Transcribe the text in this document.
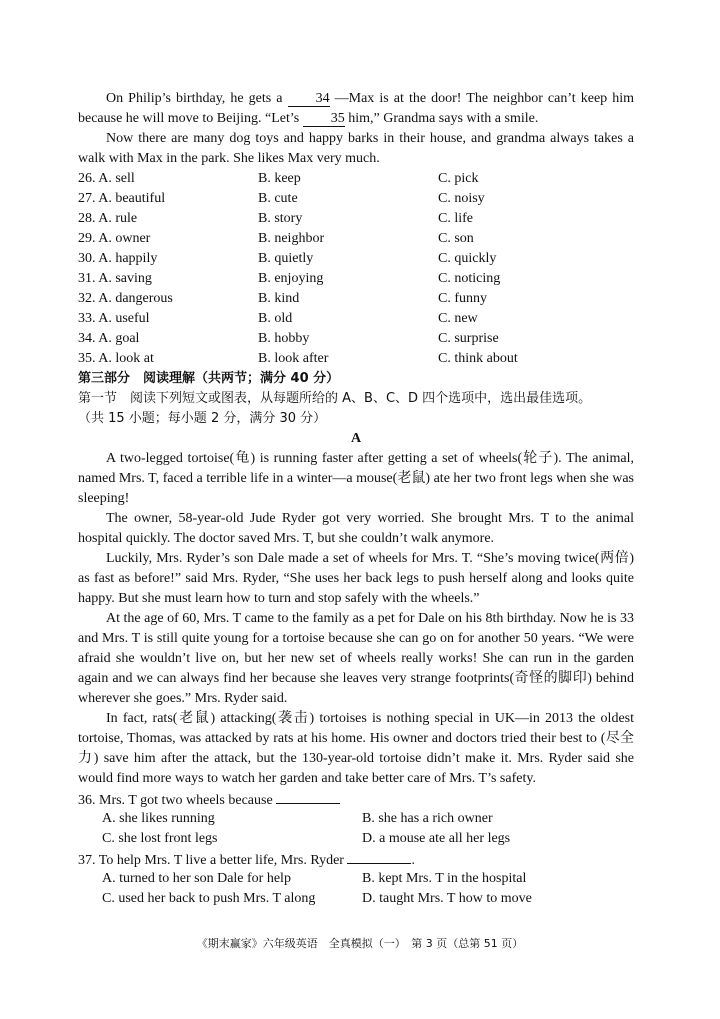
On Philip’s birthday, he gets a 34 —Max is at the door! The neighbor can’t keep him because he will move to Beijing. “Let’s 35 him,” Grandma says with a smile.

Now there are many dog toys and happy barks in their house, and grandma always takes a walk with Max in the park. She likes Max very much.

26. A. sell	B. keep	C. pick
27. A. beautiful	B. cute	C. noisy
28. A. rule	B. story	C. life
29. A. owner	B. neighbor	C. son
30. A. happily	B. quietly	C. quickly
31. A. saving	B. enjoying	C. noticing
32. A. dangerous	B. kind	C. funny
33. A. useful	B. old	C. new
34. A. goal	B. hobby	C. surprise
35. A. look at	B. look after	C. think about
第三部分　阅读理解（共两节；满分 40 分）
第一节　阅读下列短文或图表，从每题所给的 A、B、C、D 四个选项中，选出最佳选项。
（共 15 小题；每小题 2 分，满分 30 分）
A

A two-legged tortoise(龟) is running faster after getting a set of wheels(轮子). The animal, named Mrs. T, faced a terrible life in a winter—a mouse(老鼠) ate her two front legs when she was sleeping!

The owner, 58-year-old Jude Ryder got very worried. She brought Mrs. T to the animal hospital quickly. The doctor saved Mrs. T, but she couldn’t walk anymore.

Luckily, Mrs. Ryder’s son Dale made a set of wheels for Mrs. T. “She’s moving twice(两倍) as fast as before!” said Mrs. Ryder, “She uses her back legs to push herself along and looks quite happy. But she must learn how to turn and stop safely with the wheels.”

At the age of 60, Mrs. T came to the family as a pet for Dale on his 8th birthday. Now he is 33 and Mrs. T is still quite young for a tortoise because she can go on for another 50 years. “We were afraid she wouldn’t live on, but her new set of wheels really works! She can run in the garden again and we can always find her because she leaves very strange footprints(奇怪的脚印) behind wherever she goes.” Mrs. Ryder said.

In fact, rats(老鼠) attacking(袭击) tortoises is nothing special in UK—in 2013 the oldest tortoise, Thomas, was attacked by rats at his home. His owner and doctors tried their best to (尽全力) save him after the attack, but the 130-year-old tortoise didn’t make it. Mrs. Ryder said she would find more ways to watch her garden and take better care of Mrs. T’s safety.

36. Mrs. T got two wheels because
A. she likes running	B. she has a rich owner
C. she lost front legs	D. a mouse ate all her legs
37. To help Mrs. T live a better life, Mrs. Ryder	.
A. turned to her son Dale for help	B. kept Mrs. T in the hospital
C. used her back to push Mrs. T along	D. taught Mrs. T how to move
《期末赢家》六年级英语　全真模拟（一）　第 3 页（总第 51 页）
